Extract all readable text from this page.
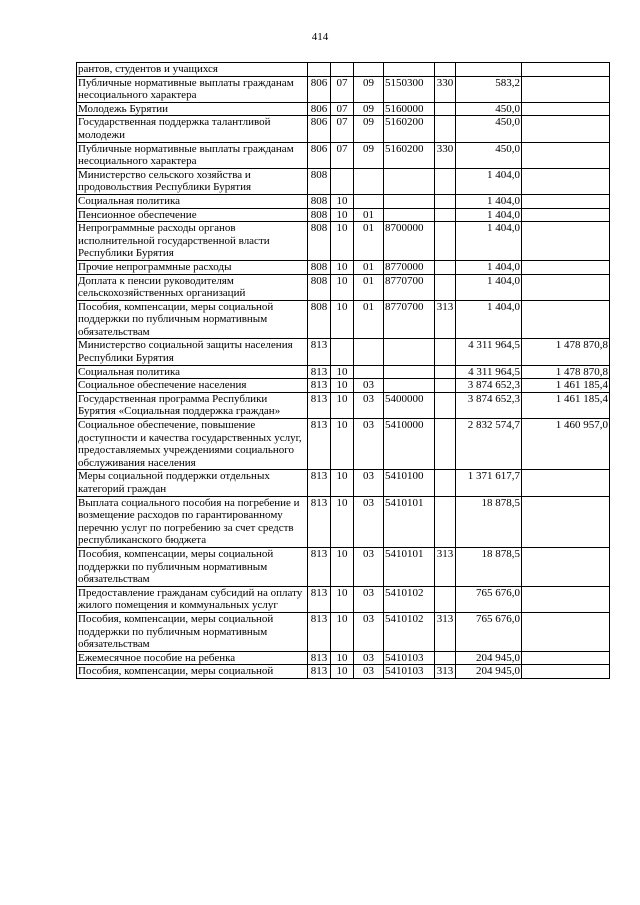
414
рантов, студентов и учащихся							
Публичные нормативные выплаты гражданам несоциального характера	806	07	09	5150300	330	583,2	
Молодежь Бурятии	806	07	09	5160000		450,0	
Государственная поддержка талантливой молодежи	806	07	09	5160200		450,0	
Публичные нормативные выплаты гражданам несоциального характера	806	07	09	5160200	330	450,0	
Министерство сельского хозяйства и продовольствия Республики Бурятия	808					1 404,0	
Социальная политика	808	10				1 404,0	
Пенсионное обеспечение	808	10	01			1 404,0	
Непрограммные расходы органов исполнительной государственной власти Республики Бурятия	808	10	01	8700000		1 404,0	
Прочие непрограммные расходы	808	10	01	8770000		1 404,0	
Доплата к пенсии руководителям сельскохозяйственных организаций	808	10	01	8770700		1 404,0	
Пособия, компенсации, меры социальной поддержки по публичным нормативным обязательствам	808	10	01	8770700	313	1 404,0	
Министерство социальной защиты населения Республики Бурятия	813					4 311 964,5	1 478 870,8
Социальная политика	813	10				4 311 964,5	1 478 870,8
Социальное обеспечение населения	813	10	03			3 874 652,3	1 461 185,4
Государственная программа Республики Бурятия «Социальная поддержка граждан»	813	10	03	5400000		3 874 652,3	1 461 185,4
Социальное обеспечение, повышение доступности и качества государственных услуг, предоставляемых учреждениями социального обслуживания населения	813	10	03	5410000		2 832 574,7	1 460 957,0
Меры социальной поддержки отдельных категорий граждан	813	10	03	5410100		1 371 617,7	
Выплата социального пособия на погребение и возмещение расходов по гарантированному перечню услуг по погребению за счет средств республиканского бюджета	813	10	03	5410101		18 878,5	
Пособия, компенсации, меры социальной поддержки по публичным нормативным обязательствам	813	10	03	5410101	313	18 878,5	
Предоставление гражданам субсидий на оплату жилого помещения и коммунальных услуг	813	10	03	5410102		765 676,0	
Пособия, компенсации, меры социальной поддержки по публичным нормативным обязательствам	813	10	03	5410102	313	765 676,0	
Ежемесячное пособие на ребенка	813	10	03	5410103		204 945,0	
Пособия, компенсации, меры социальной	813	10	03	5410103	313	204 945,0	
